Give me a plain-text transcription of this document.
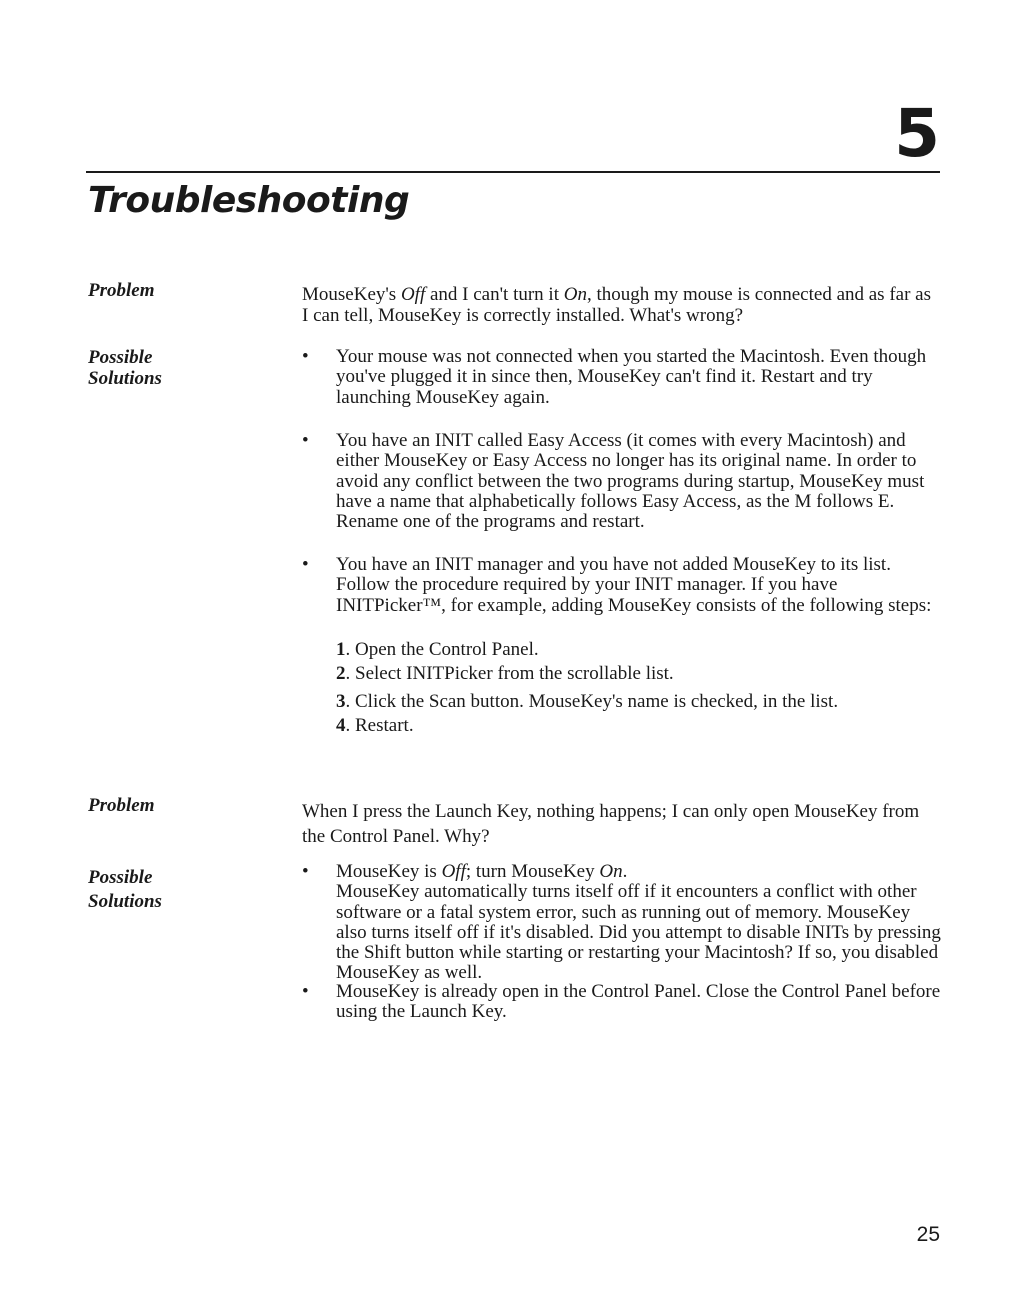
5
Troubleshooting
Problem	MouseKey's Off and I can't turn it On, though my mouse is connected and as far as I can tell, MouseKey is correctly installed. What's wrong?
Possible
Solutions
•	Your mouse was not connected when you started the Macintosh. Even though you've plugged it in since then, MouseKey can't find it. Restart and try launching MouseKey again.
•	You have an INIT called Easy Access (it comes with every Macintosh) and either MouseKey or Easy Access no longer has its original name. In order to avoid any conflict between the two programs during startup, MouseKey must have a name that alphabetically follows Easy Access, as the M follows E. Rename one of the programs and restart.
•	You have an INIT manager and you have not added MouseKey to its list. Follow the procedure required by your INIT manager. If you have INITPicker™, for example, adding MouseKey consists of the following steps:
1. Open the Control Panel.
2. Select INITPicker from the scrollable list.
3. Click the Scan button. MouseKey's name is checked, in the list.
4. Restart.
Problem	When I press the Launch Key, nothing happens; I can only open MouseKey from the Control Panel. Why?
Possible
Solutions
•	MouseKey is Off; turn MouseKey On.
MouseKey automatically turns itself off if it encounters a conflict with other software or a fatal system error, such as running out of memory. MouseKey also turns itself off if it's disabled. Did you attempt to disable INITs by pressing the Shift button while starting or restarting your Macintosh? If so, you disabled MouseKey as well.
•	MouseKey is already open in the Control Panel. Close the Control Panel before using the Launch Key.
25
